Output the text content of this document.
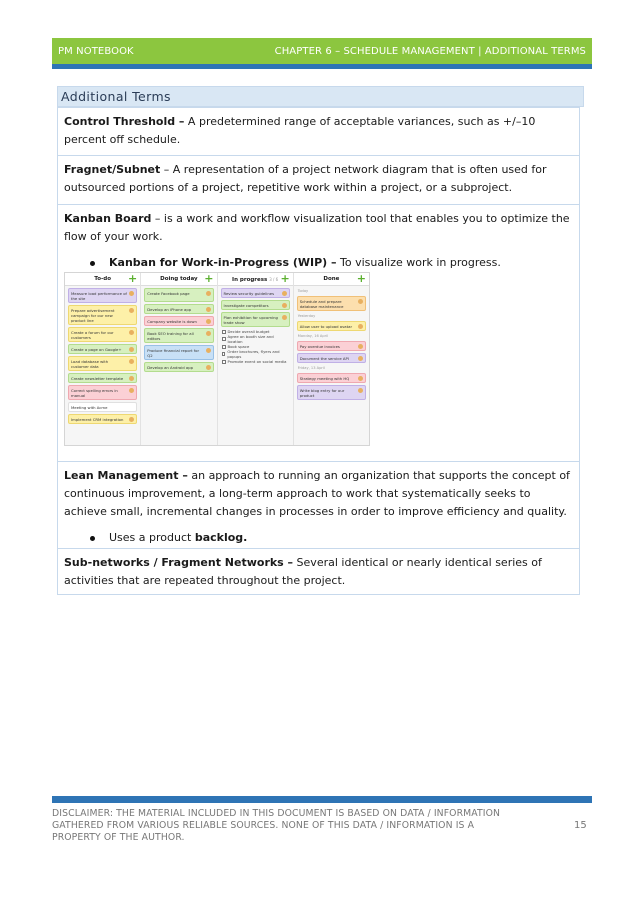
PM NOTEBOOK	CHAPTER 6 – SCHEDULE MANAGEMENT | ADDITIONAL TERMS
Additional Terms

Control Threshold – A predetermined range of acceptable variances, such as +/–10 percent off schedule.

Fragnet/Subnet – A representation of a project network diagram that is often used for outsourced portions of a project, repetitive work within a project, or a subproject.

Kanban Board – is a work and workflow visualization tool that enables you to optimize the flow of your work.

Kanban for Work-in-Progress (WIP) – To visualize work in progress.

Lean Management – an approach to running an organization that supports the concept of continuous improvement, a long-term approach to work that systematically seeks to achieve small, incremental changes in processes in order to improve efficiency and quality.

Uses a product backlog.

Sub-networks / Fragment Networks – Several identical or nearly identical series of activities that are repeated throughout the project.

To-do +
Measure load performance of the site
Prepare advertisement campaign for our new product line
Create a forum for our customers
Create a page on Google+
Load database with customer data
Create newsletter template
Correct spelling errors in manual
Meeting with Acme
Implement CRM integration
Doing today +
Create Facebook page
Develop an iPhone app
Company website is down
Book SEO training for all editors
Produce financial report for Q2
Develop an Android app
In progress 3 / 6 +
Review security guidelines
Investigate competitors
Plan exhibition for upcoming trade show
Decide overall budget
Agree on booth size and location
Book space
Order brochures, flyers and popups
Promote event on social media
Done +
Today
Schedule and prepare database maintenance
Yesterday
Allow user to upload avatar
Monday, 16 April
Pay overdue invoices
Document the service API
Friday, 13 April
Strategy meeting with HQ
Write blog entry for our product
DISCLAIMER: THE MATERIAL INCLUDED IN THIS DOCUMENT IS BASED ON DATA / INFORMATION GATHERED FROM VARIOUS RELIABLE SOURCES. NONE OF THIS DATA / INFORMATION IS A PROPERTY OF THE AUTHOR.
15
